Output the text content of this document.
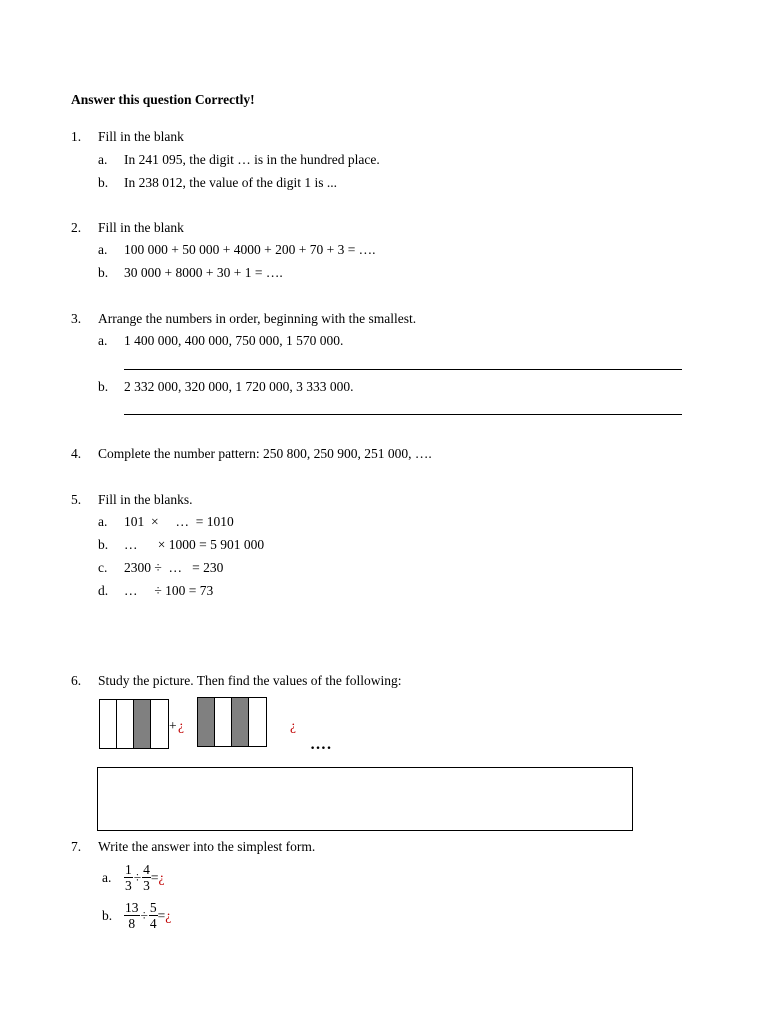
Answer this question Correctly!
1. Fill in the blank
a. In 241 095, the digit … is in the hundred place.
b. In 238 012, the value of the digit 1 is ...
2. Fill in the blank
a. 100 000 + 50 000 + 4000 + 200 + 70 + 3 = ….
b. 30 000 + 8000 + 30 + 1 = ….
3. Arrange the numbers in order, beginning with the smallest.
a. 1 400 000, 400 000, 750 000, 1 570 000.
b. 2 332 000, 320 000, 1 720 000, 3 333 000.
4. Complete the number pattern: 250 800, 250 900, 251 000, ….
5. Fill in the blanks.
a. 101  ×     …  = 1010
b. …      × 1000 = 5 901 000
c. 2300 ÷  …   = 230
d. …     ÷ 100 = 73
6. Study the picture. Then find the values of the following:
+ ¿	¿
….
7. Write the answer into the simplest form.
a. $\frac{1}{3} \div \frac{4}{3}$ = ¿
b. $\frac{13}{8} \div \frac{5}{4}$ = ¿
